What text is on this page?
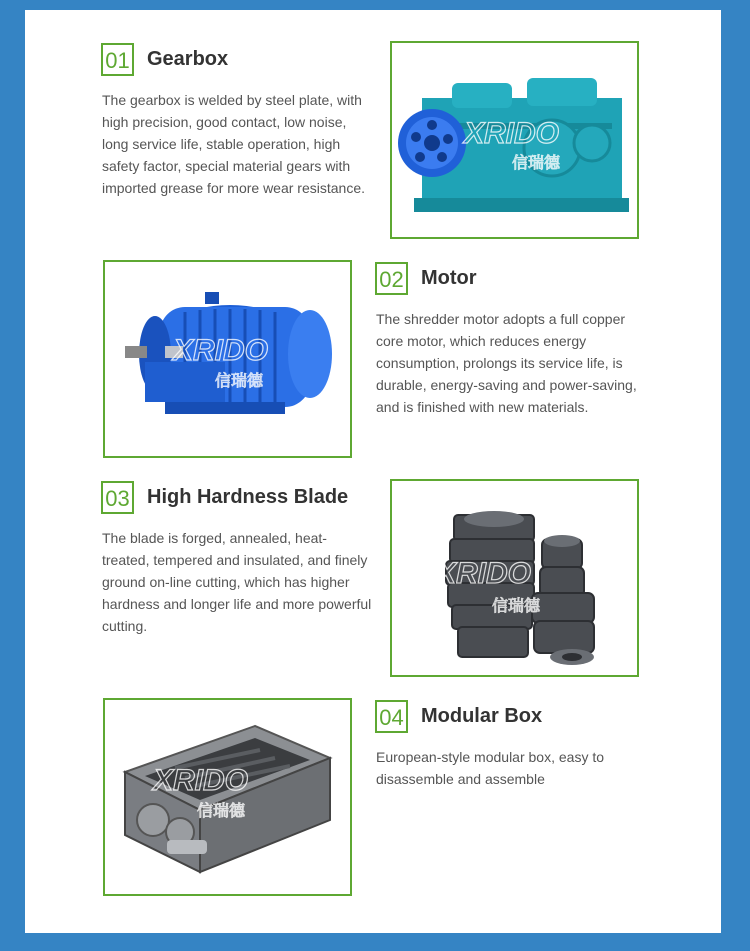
01 Gearbox
The gearbox is welded by steel plate, with high precision, good contact, low noise, long service life, stable operation, high safety factor, special material gears with imported grease for more wear resistance.
XRIDO
信瑞德
XRIDO
信瑞德
02 Motor
The shredder motor adopts a full copper core motor, which reduces energy consumption, prolongs its service life, is durable, energy-saving and power-saving, and is finished with new materials.
03 High Hardness Blade
The blade is forged, annealed, heat-treated, tempered and insulated, and finely ground on-line cutting, which has higher hardness and longer life and more powerful cutting.
XRIDO
信瑞德
XRIDO
信瑞德
04 Modular Box
European-style modular box, easy to disassemble and assemble
